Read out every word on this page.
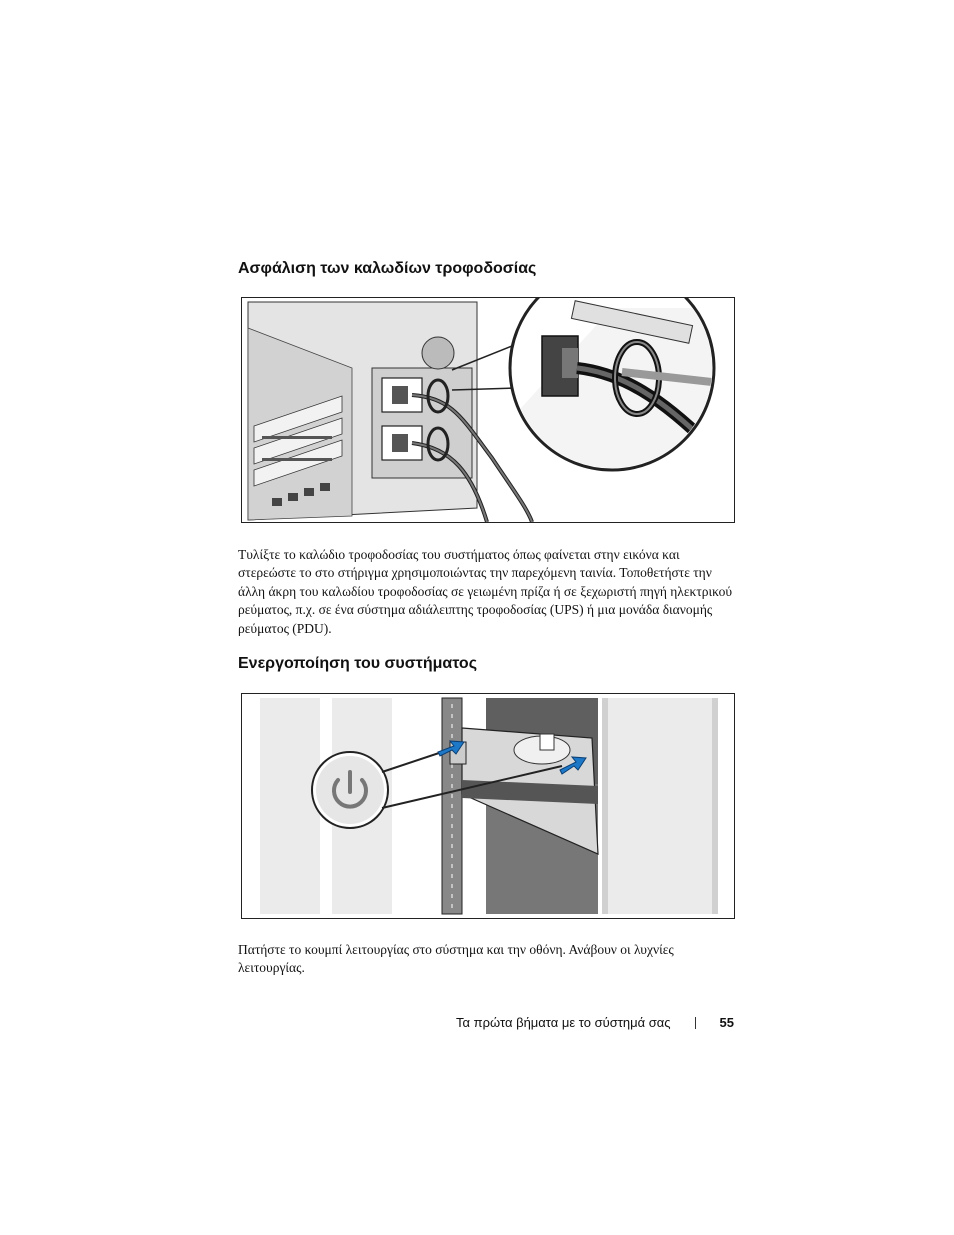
Ασφάλιση των καλωδίων τροφοδοσίας

Τυλίξτε το καλώδιο τροφοδοσίας του συστήματος όπως φαίνεται στην εικόνα και στερεώστε το στο στήριγμα χρησιμοποιώντας την παρεχόμενη ταινία. Τοποθετήστε την άλλη άκρη του καλωδίου τροφοδοσίας σε γειωμένη πρίζα ή σε ξεχωριστή πηγή ηλεκτρικού ρεύματος, π.χ. σε ένα σύστημα αδιάλειπτης τροφοδοσίας (UPS) ή μια μονάδα διανομής ρεύματος (PDU).

Ενεργοποίηση του συστήματος

Πατήστε το κουμπί λειτουργίας στο σύστημα και την οθόνη. Ανάβουν οι λυχνίες λειτουργίας.

Τα πρώτα βήματα με το σύστημά σας	55
